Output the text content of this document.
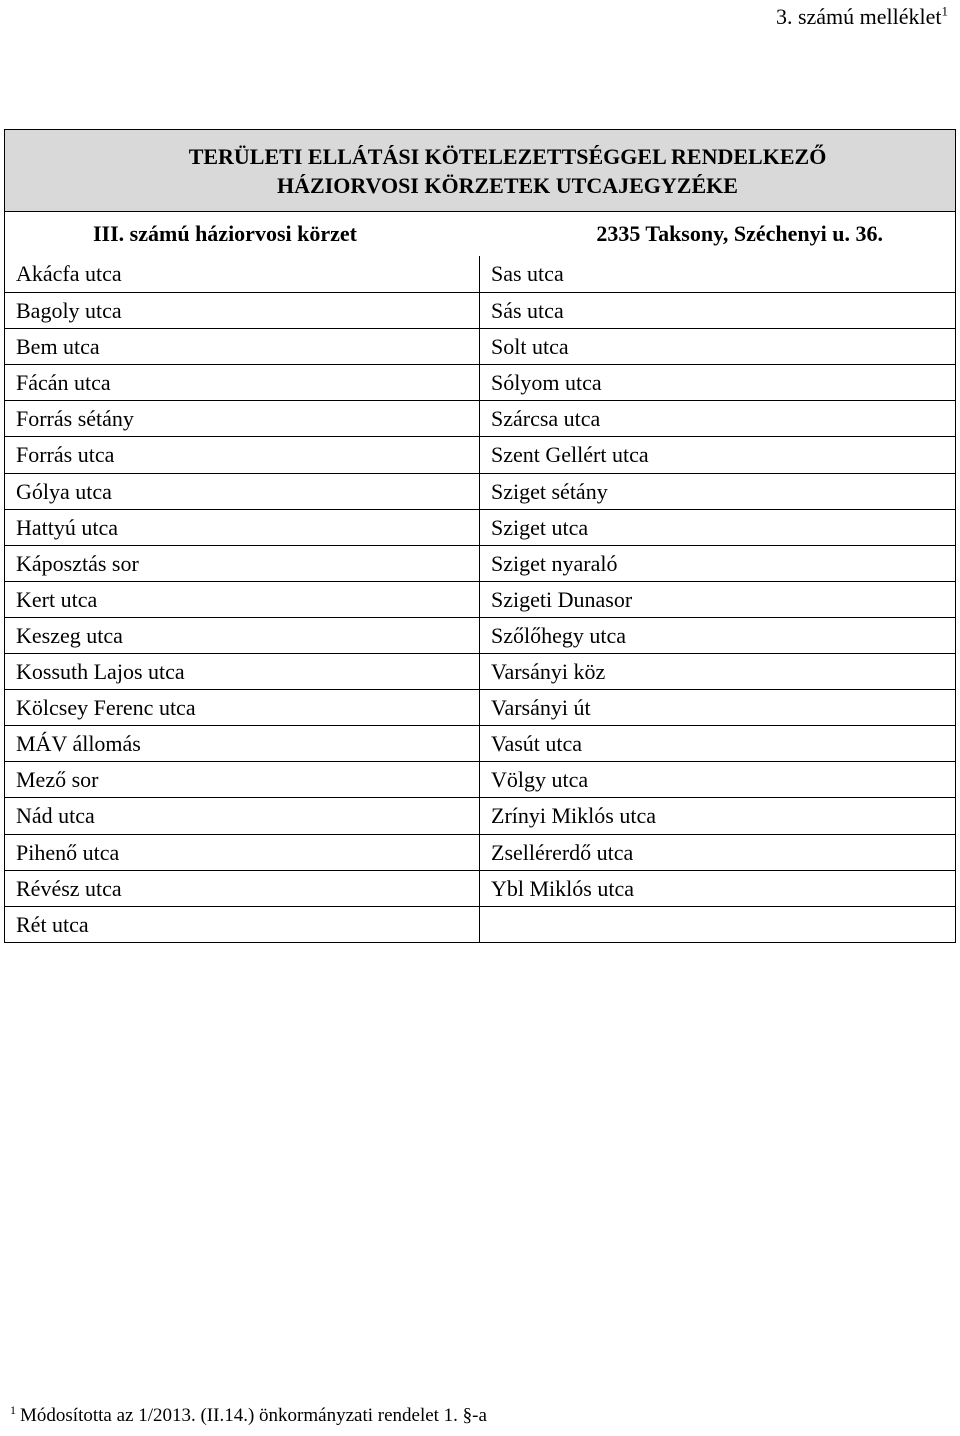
3. számú melléklet$^1$
TERÜLETI ELLÁTÁSI KÖTELEZETTSÉGGEL RENDELKEZŐ
HÁZIORVOSI KÖRZETEK UTCAJEGYZÉKE
III. számú háziorvosi körzet	2335 Taksony, Széchenyi u. 36.
Akácfa utca
Bagoly utca
Bem utca
Fácán utca
Forrás sétány
Forrás utca
Gólya utca
Hattyú utca
Káposztás sor
Kert utca
Keszeg utca
Kossuth Lajos utca
Kölcsey Ferenc utca
MÁV állomás
Mező sor
Nád utca
Pihenő utca
Révész utca
Rét utca
Sas utca
Sás utca
Solt utca
Sólyom utca
Szárcsa utca
Szent Gellért utca
Sziget sétány
Sziget utca
Sziget nyaraló
Szigeti Dunasor
Szőlőhegy utca
Varsányi köz
Varsányi út
Vasút utca
Völgy utca
Zrínyi Miklós utca
Zsellérerdő utca
Ybl Miklós utca
$^1$ Módosította az 1/2013. (II.14.) önkormányzati rendelet 1. §-a
